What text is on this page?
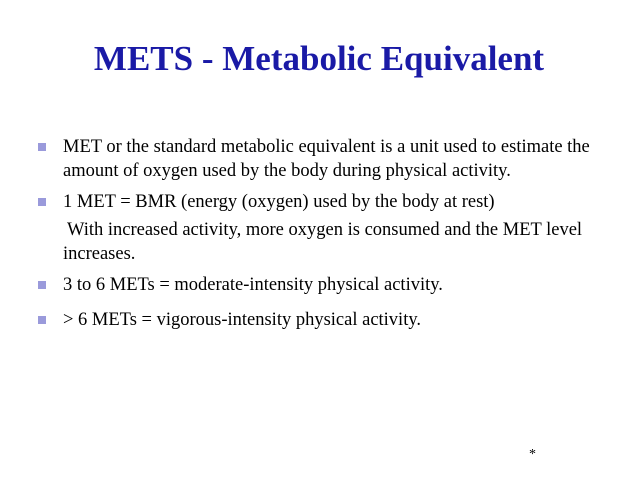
METS - Metabolic Equivalent
MET or the standard metabolic equivalent is a unit used to estimate the amount of oxygen used by the body during physical activity.
1 MET = BMR (energy (oxygen) used by the body at rest)
With increased activity, more oxygen is consumed and the MET level increases.
3 to 6 METs = moderate-intensity physical activity.
> 6 METs = vigorous-intensity physical activity.
*
